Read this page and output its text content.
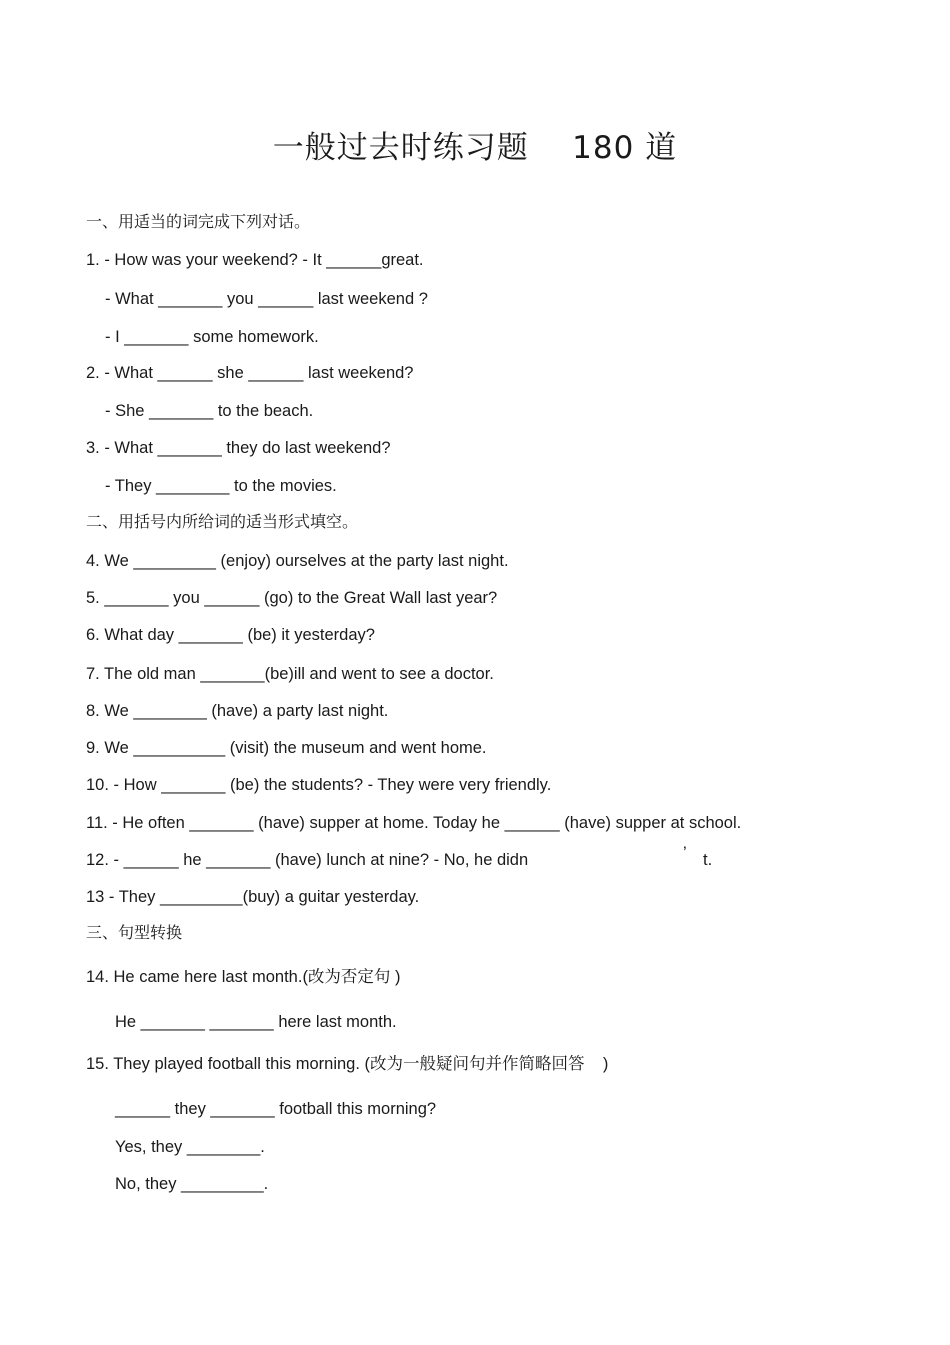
一般过去时练习题    180 道
一、用适当的词完成下列对话。
1. - How was your weekend? - It ______great.
- What _______ you ______ last weekend ?
- I _______ some homework.
2. - What ______ she ______ last weekend?
- She _______ to the beach.
3. - What _______ they do last weekend?
- They ________ to the movies.
二、用括号内所给词的适当形式填空。
4. We _________ (enjoy) ourselves at the party last night.
5. _______ you ______ (go) to the Great Wall last year?
6. What day _______ (be) it yesterday?
7. The old man _______(be)ill and went to see a doctor.
8. We ________ (have) a party last night.
9. We __________ (visit) the museum and went home.
10. - How _______ (be) the students? - They were very friendly.
11. - He often _______ (have) supper at home. Today he ______ (have) supper at school.
12. - ______ he _______ (have) lunch at nine? - No, he didn	’ t.
13 - They _________(buy) a guitar yesterday.
三、句型转换
14. He came here last month.(改为否定句 )
He _______ _______ here last month.
15. They played football this morning. (改为一般疑问句并作简略回答    )
______ they _______ football this morning?
Yes, they ________.
No, they _________.
